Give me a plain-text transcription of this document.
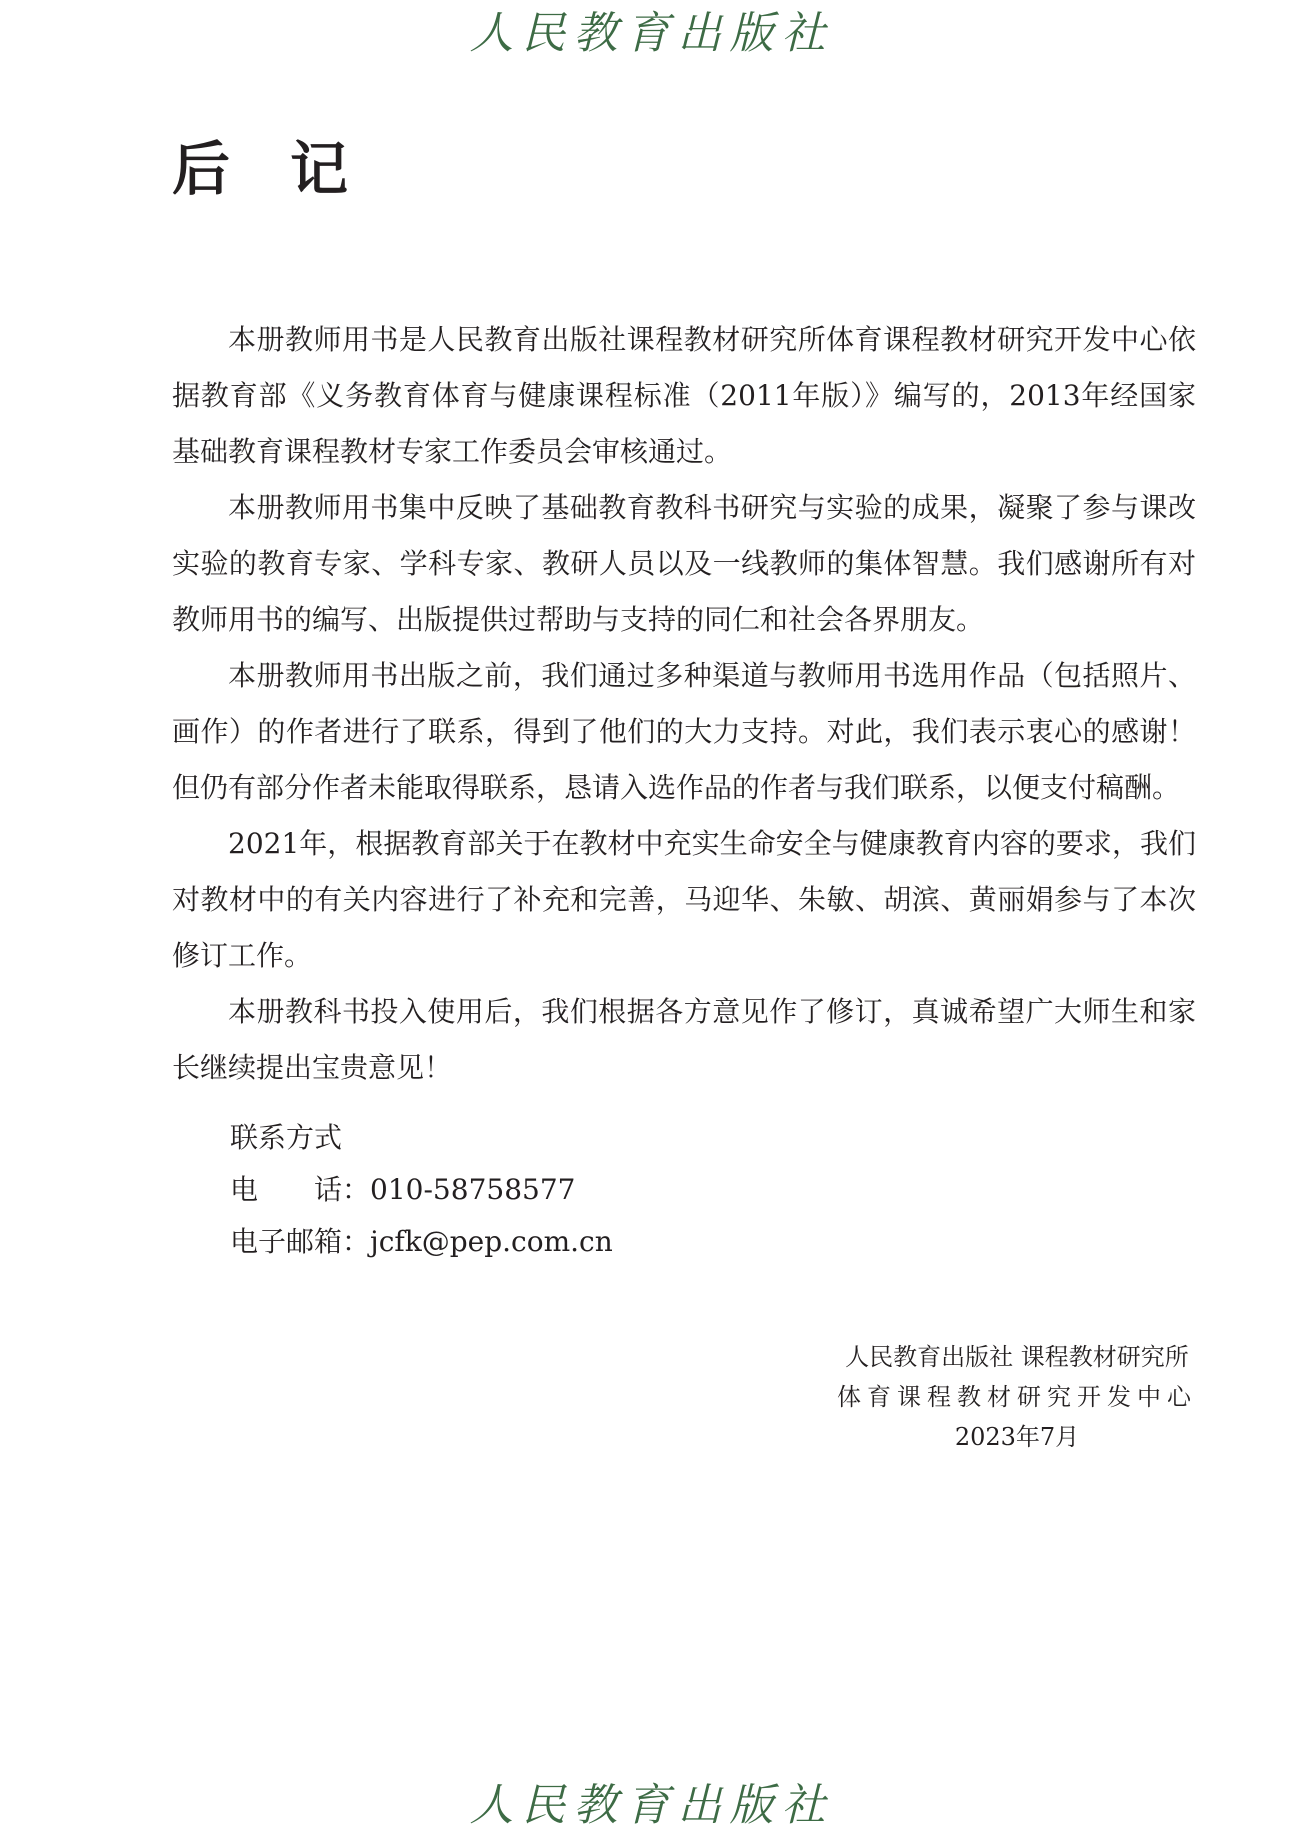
人民教育出版社
后记

本册教师用书是人民教育出版社课程教材研究所体育课程教材研究开发中心依据教育部《义务教育体育与健康课程标准（2011年版）》编写的，2013年经国家基础教育课程教材专家工作委员会审核通过。

本册教师用书集中反映了基础教育教科书研究与实验的成果，凝聚了参与课改实验的教育专家、学科专家、教研人员以及一线教师的集体智慧。我们感谢所有对教师用书的编写、出版提供过帮助与支持的同仁和社会各界朋友。

本册教师用书出版之前，我们通过多种渠道与教师用书选用作品（包括照片、画作）的作者进行了联系，得到了他们的大力支持。对此，我们表示衷心的感谢！但仍有部分作者未能取得联系，恳请入选作品的作者与我们联系，以便支付稿酬。

2021年，根据教育部关于在教材中充实生命安全与健康教育内容的要求，我们对教材中的有关内容进行了补充和完善，马迎华、朱敏、胡滨、黄丽娟参与了本次修订工作。

本册教科书投入使用后，我们根据各方意见作了修订，真诚希望广大师生和家长继续提出宝贵意见！

联系方式
电 话：010-58758577
电子邮箱：jcfk@pep.com.cn
人民教育出版社 课程教材研究所
体育课程教材研究开发中心
2023年7月
人民教育出版社
